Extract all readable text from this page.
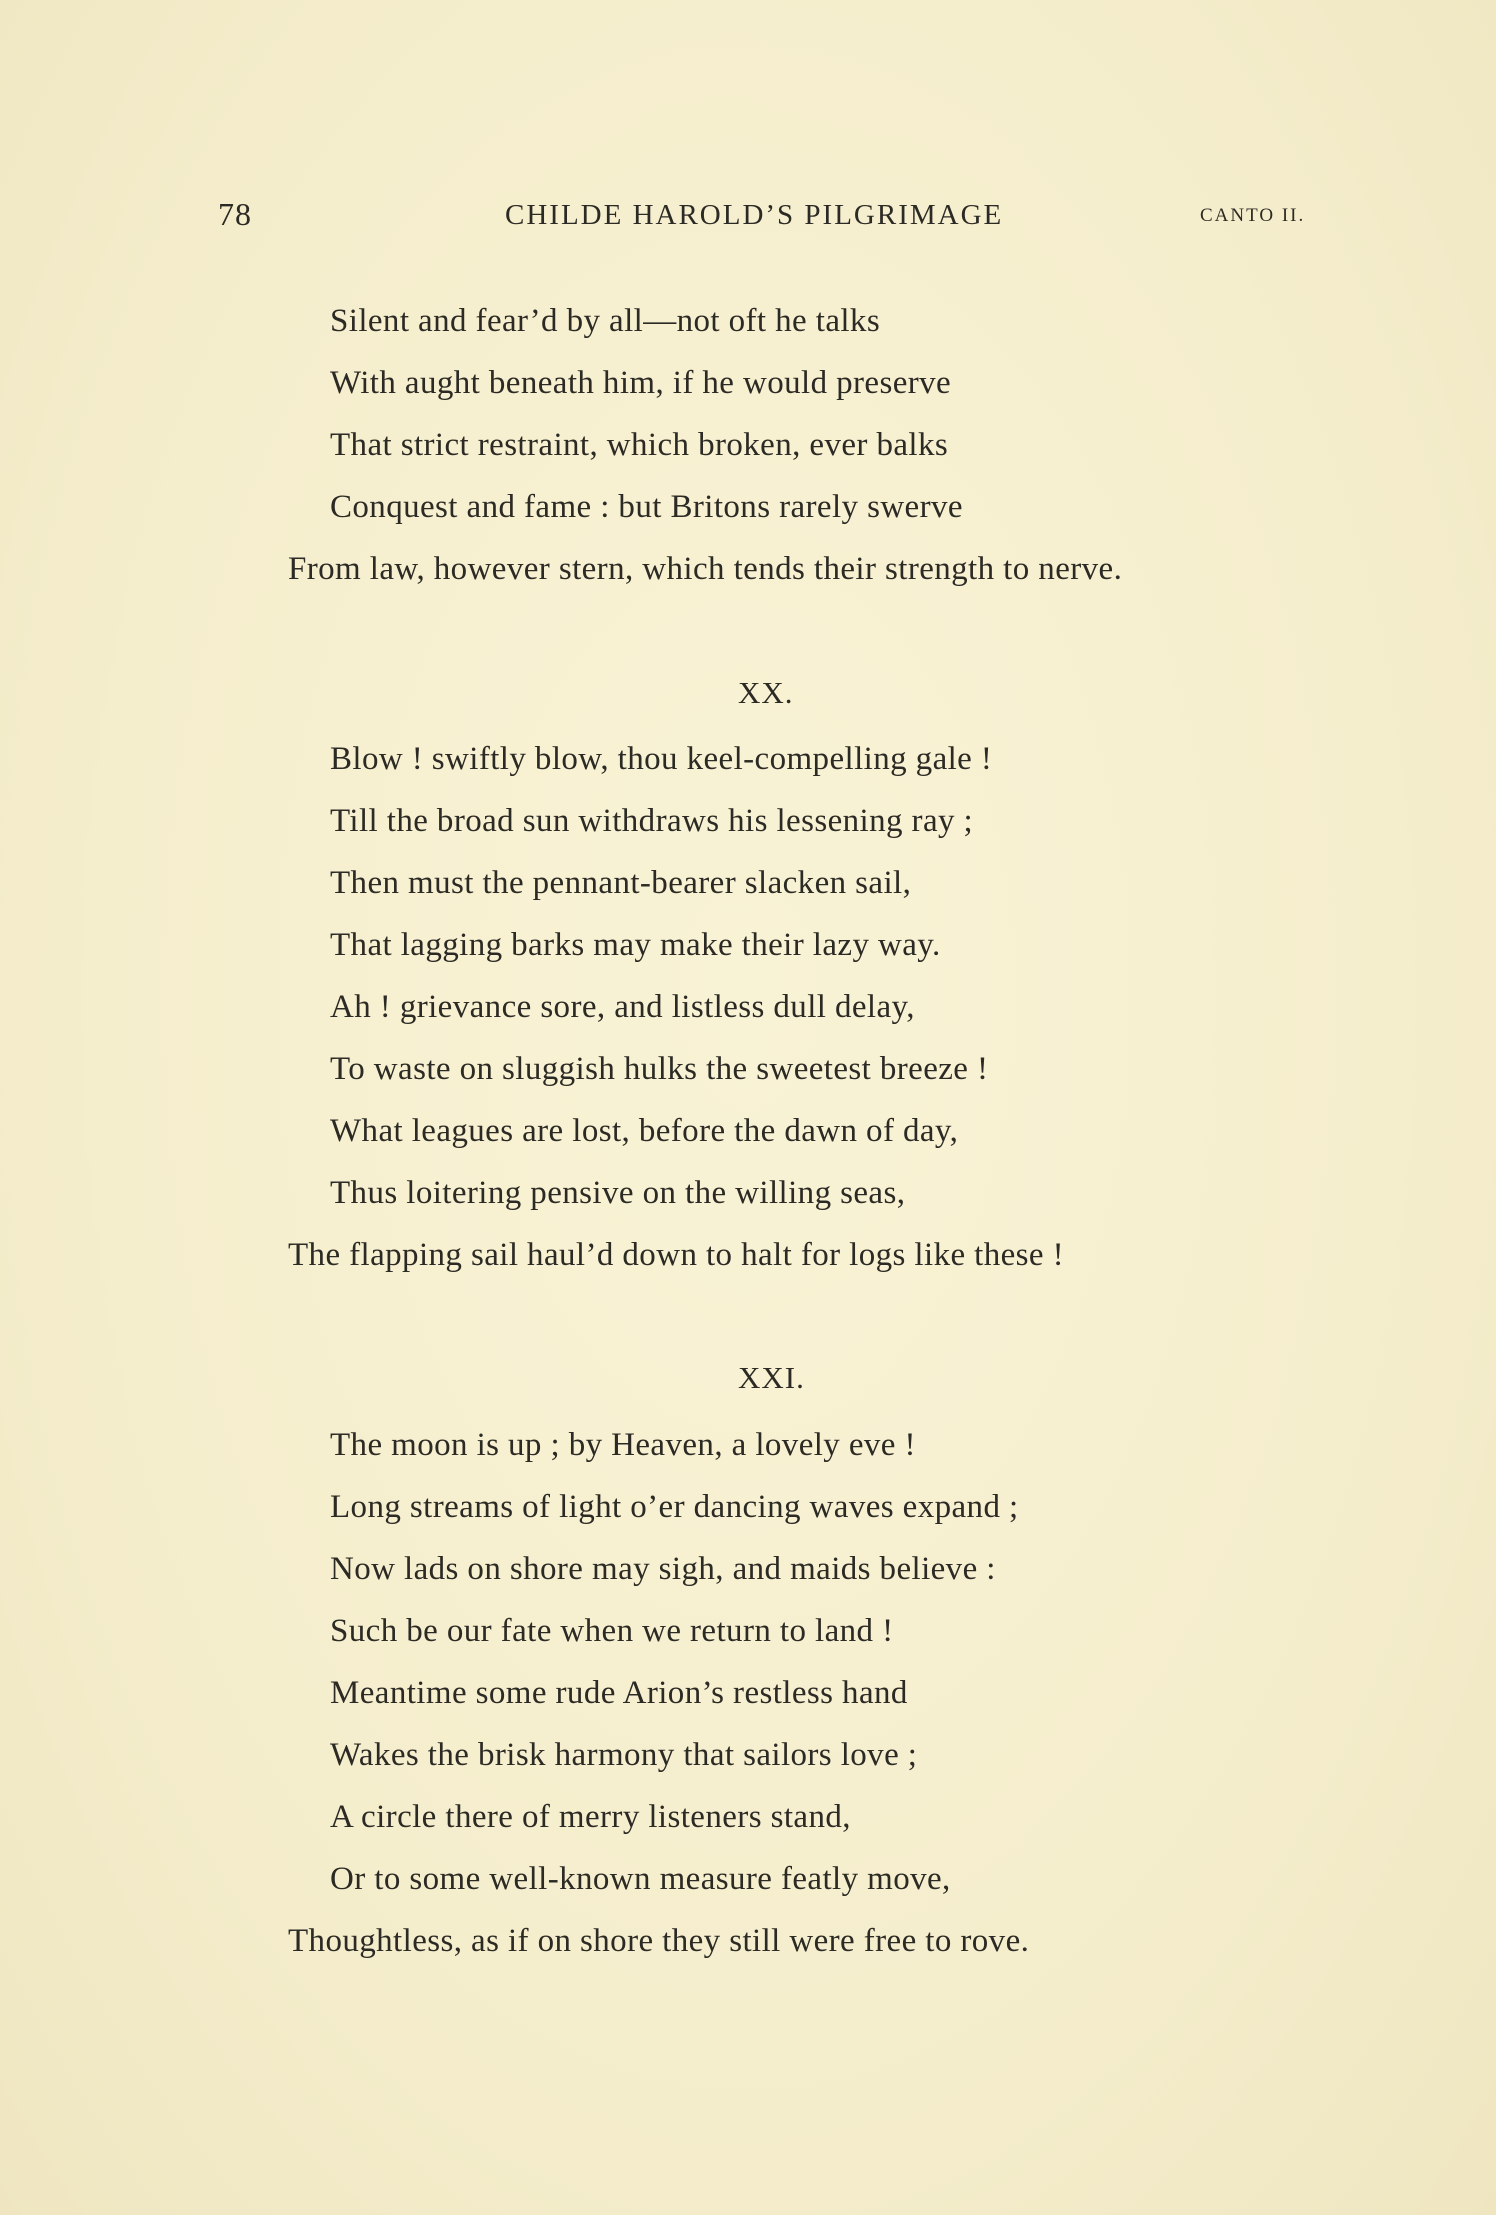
78	CHILDE HAROLD’S PILGRIMAGE	CANTO II.
Silent and fear’d by all—not oft he talks
With aught beneath him, if he would preserve
That strict restraint, which broken, ever balks
Conquest and fame : but Britons rarely swerve
From law, however stern, which tends their strength to nerve.
XX.
Blow ! swiftly blow, thou keel-compelling gale !
Till the broad sun withdraws his lessening ray ;
Then must the pennant-bearer slacken sail,
That lagging barks may make their lazy way.
Ah ! grievance sore, and listless dull delay,
To waste on sluggish hulks the sweetest breeze !
What leagues are lost, before the dawn of day,
Thus loitering pensive on the willing seas,
The flapping sail haul’d down to halt for logs like these !
XXI.
The moon is up ; by Heaven, a lovely eve !
Long streams of light o’er dancing waves expand ;
Now lads on shore may sigh, and maids believe :
Such be our fate when we return to land !
Meantime some rude Arion’s restless hand
Wakes the brisk harmony that sailors love ;
A circle there of merry listeners stand,
Or to some well-known measure featly move,
Thoughtless, as if on shore they still were free to rove.
